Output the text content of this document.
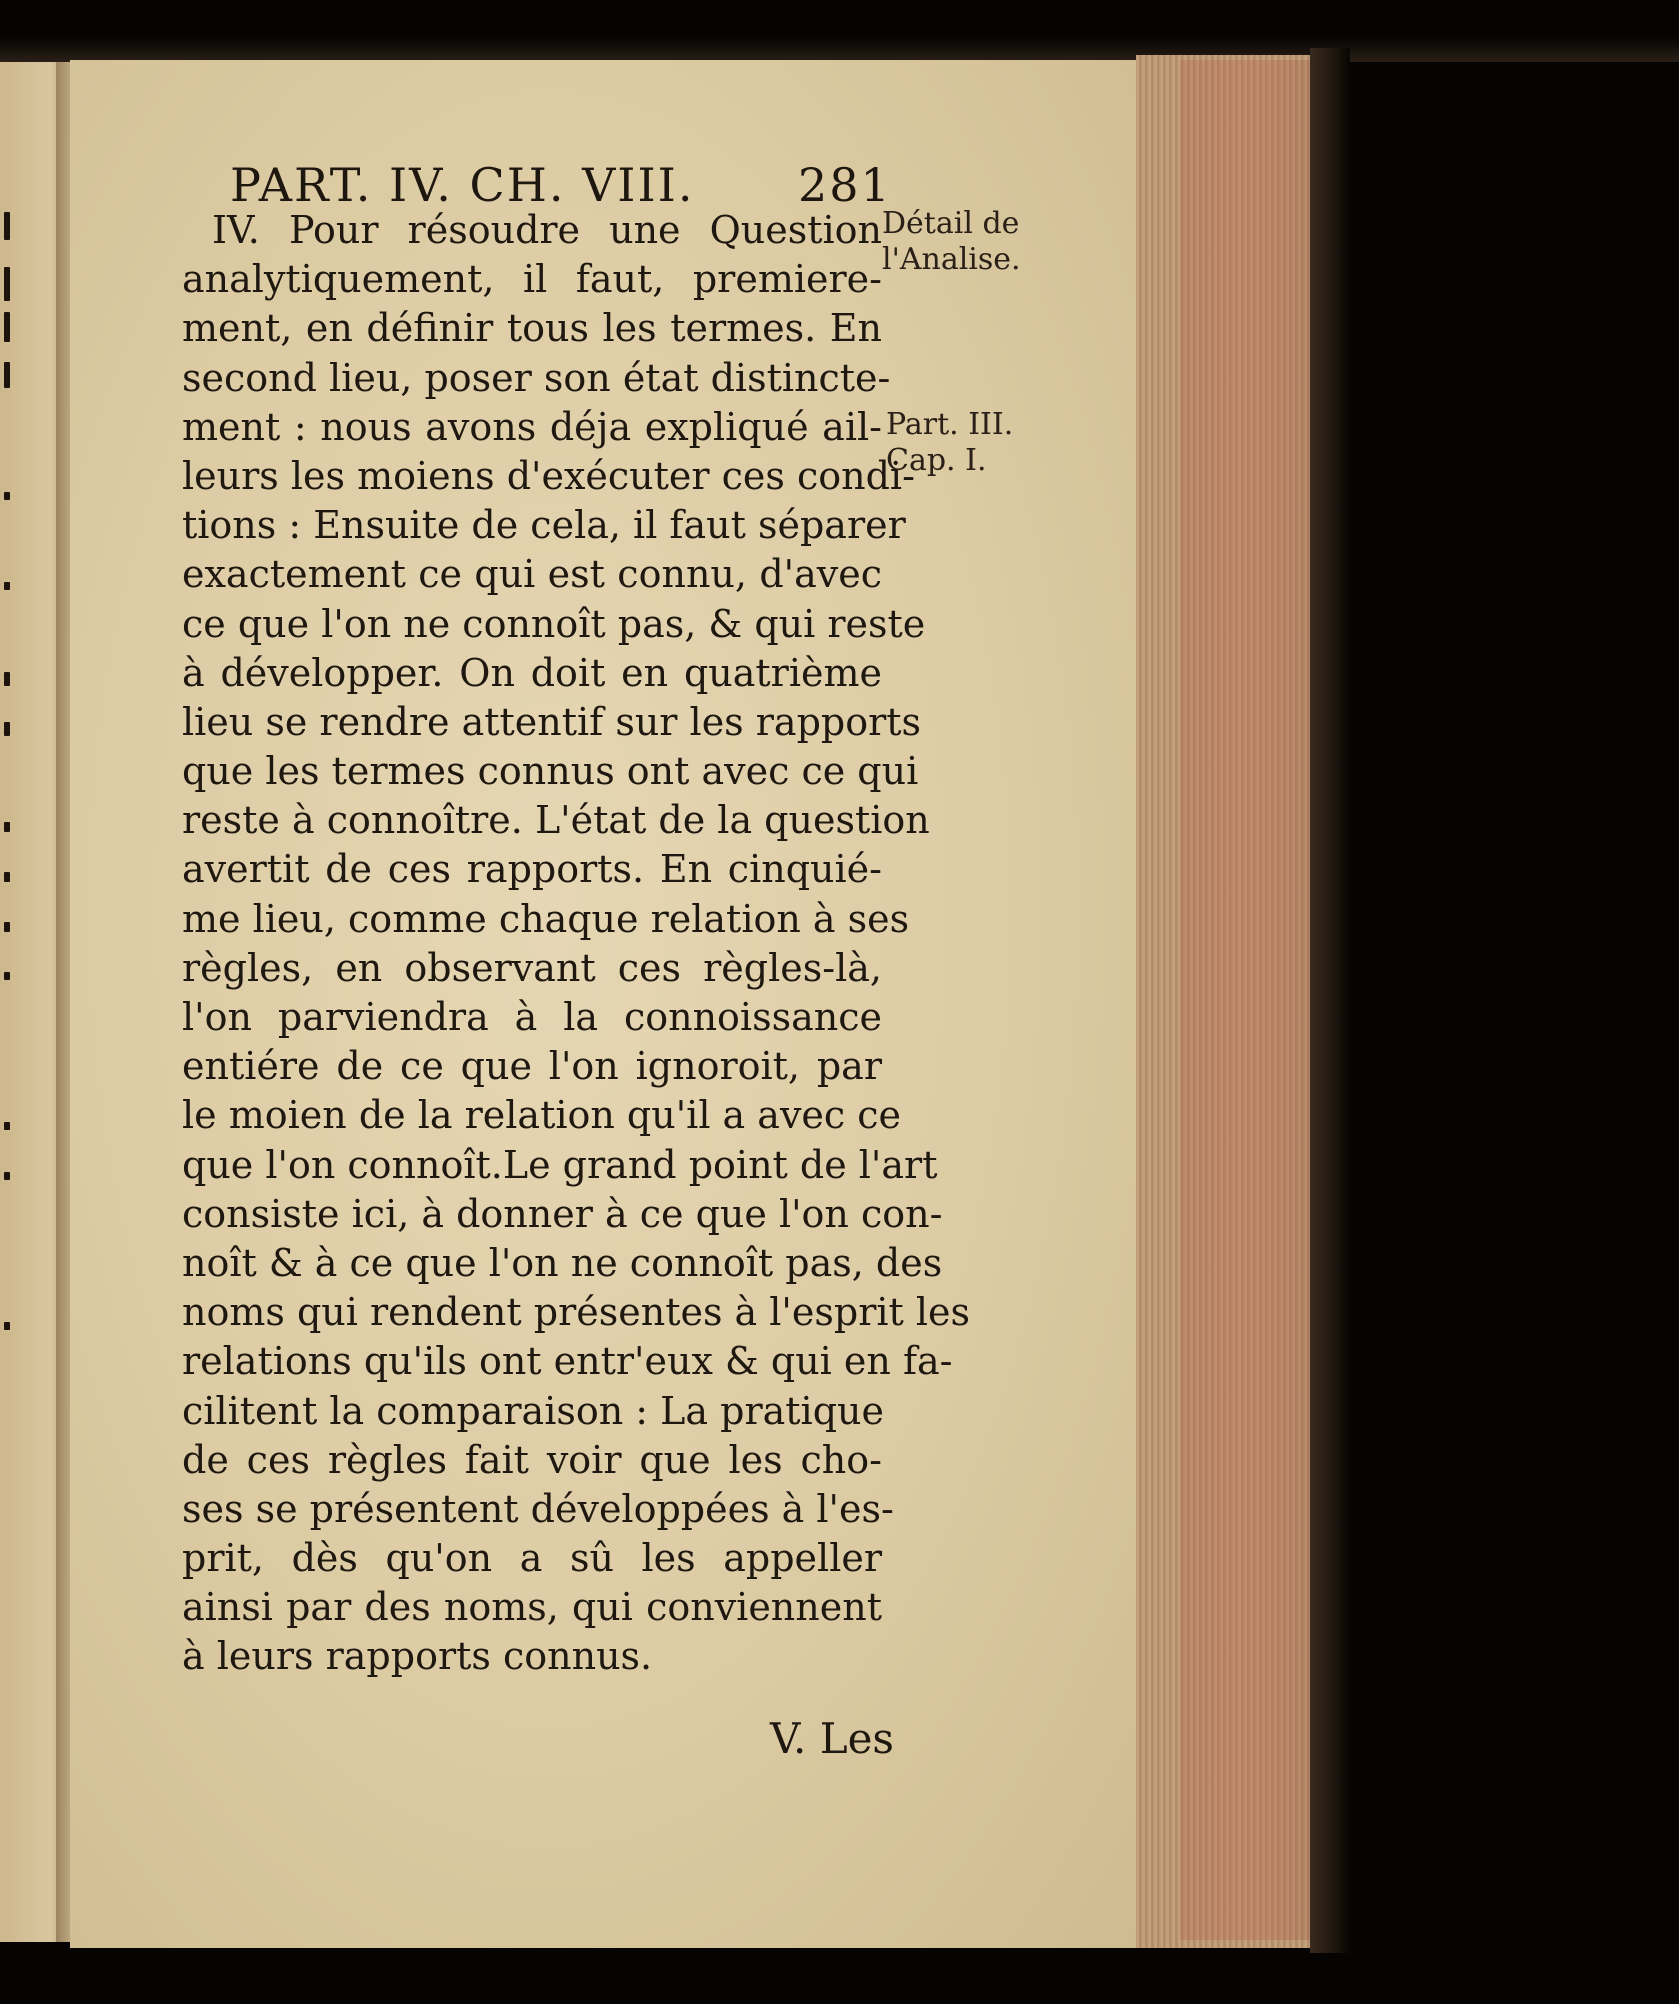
PART. IV. CH. VIII. 281
IV. Pour résoudre une Question
analytiquement, il faut, premiere-
ment, en définir tous les termes. En
second lieu, poser son état distincte-
ment : nous avons déja expliqué ail-
leurs les moiens d'exécuter ces condi-
tions : Ensuite de cela, il faut séparer
exactement ce qui est connu, d'avec
ce que l'on ne connoît pas, & qui reste
à développer. On doit en quatrième
lieu se rendre attentif sur les rapports
que les termes connus ont avec ce qui
reste à connoître. L'état de la question
avertit de ces rapports. En cinquié-
me lieu, comme chaque relation à ses
règles, en observant ces règles-là,
l'on parviendra à la connoissance
entiére de ce que l'on ignoroit, par
le moien de la relation qu'il a avec ce
que l'on connoît.Le grand point de l'art
consiste ici, à donner à ce que l'on con-
noît & à ce que l'on ne connoît pas, des
noms qui rendent présentes à l'esprit les
relations qu'ils ont entr'eux & qui en fa-
cilitent la comparaison : La pratique
de ces règles fait voir que les cho-
ses se présentent développées à l'es-
prit, dès qu'on a sû les appeller
ainsi par des noms, qui conviennent
à leurs rapports connus.
V. Les
Détail de
l'Analise.
Part. III.
Cap. I.
